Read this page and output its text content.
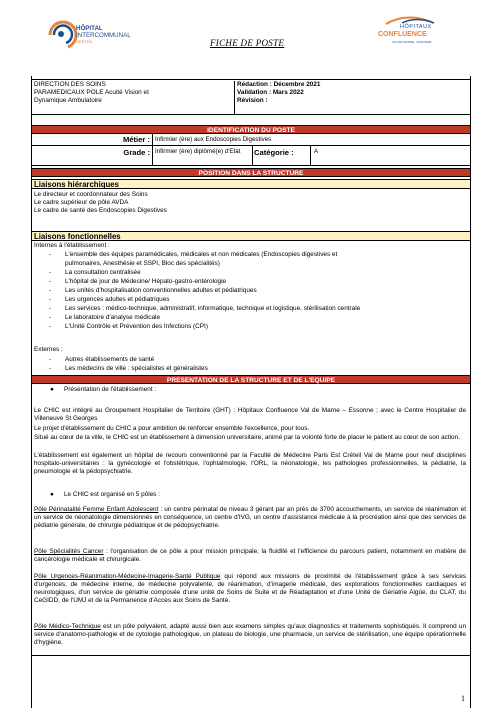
HÔPITAL
INTERCOMMUNAL
CRÉTEIL
HÔPITAUX
CONFLUENCE
VAL DE MARNE · ESSONNE
FICHE DE POSTE
DIRECTION DES SOINS
PARAMEDICAUX POLE Acuité Vision et
Dynamique Ambulatoire
Rédaction : Décembre 2021
Validation : Mars 2022
Révision :
IDENTIFICATION DU POSTE
Métier : Infirmier (ère) aux Endoscopies Digestives
Grade : Infirmier (ère) diplômé(e) d'Etat	Catégorie :	A
POSITION DANS LA STRUCTURE
Liaisons hiérarchiques
Le directeur et coordonnateur des Soins
Le cadre supérieur de pôle AVDA
Le cadre de santé des Endoscopies Digestives
Liaisons fonctionnelles
Internes à l'établissement :
- L'ensemble des équipes paramédicales, médicales et non médicales (Endoscopies digestives et
pulmonaires, Anesthésie et SSPI, Bloc des spécialités)
- La consultation centralisée
- L'hôpital de jour de Médecine/ Hépato-gastro-entérologie
- Les unités d'hospitalisation conventionnelles adultes et pédiatriques
- Les urgences adultes et pédiatriques
- Les services : médico-technique, administratif, informatique, technique et logistique, stérilisation centrale
- Le laboratoire d'analyse médicale
- L'Unité Contrôle et Prévention des Infections (CPI)
Externes :
- Autres établissements de santé
- Les médecins de ville : spécialistes et généralistes
PRESENTATION DE LA STRUCTURE ET DE L'EQUIPE
● Présentation de l'établissement :
Le CHIC est intégré au Groupement Hospitalier de Territoire (GHT) : Hôpitaux Confluence Val de Marne – Essonne ; avec le Centre Hospitalier de Villeneuve St Georges
Le projet d'établissement du CHIC a pour ambition de renforcer ensemble l'excellence, pour tous.
Situé au cœur de la ville, le CHIC est un établissement à dimension universitaire, animé par la volonté forte de placer le patient au cœur de son action.
L'établissement est également un hôpital de recours conventionné par la Faculté de Médecine Paris Est Créteil Val de Marne pour neuf disciplines hospitalo-universitaires : la gynécologie et l'obstétrique, l'ophtalmologie, l'ORL, la néonatologie, les pathologies professionnelles, la pédiatrie, la pneumologie et la pédopsychiatrie.
● Le CHIC est organisé en 5 pôles :
Pôle Périnatalité Femme Enfant Adolescent : un centre périnatal de niveau 3 gérant par an près de 3700 accouchements, un service de réanimation et un service de néonatologie dimensionnés en conséquence, un centre d'IVG, un centre d'assistance médicale à la procréation ainsi que des services de pédiatrie générale, de chirurgie pédiatrique et de pédopsychiatrie.
Pôle Spécialités Cancer : l'organisation de ce pôle a pour mission principale, la fluidité et l'efficience du parcours patient, notamment en matière de cancérologie médicale et chirurgicale.
Pôle Urgences-Réanimation-Médecine-Imagerie-Santé Publique qui répond aux missions de proximité de l'établissement grâce à ses services d'urgences, de médecine interne, de médecine polyvalente, de réanimation, d'imagerie médicale, des explorations fonctionnelles cardiaques et neurologiques, d'un service de gériatrie composée d'une unité de Soins de Suite et de Réadaptation et d'une Unité de Gériatrie Aigüe, du CLAT, du CeGIDD, de l'UMJ et de la Permanence d'Accès aux Soins de Santé.
Pôle Médico-Technique est un pôle polyvalent, adapté aussi bien aux examens simples qu'aux diagnostics et traitements sophistiqués. Il comprend un service d'anatomo-pathologie et de cytologie pathologique, un plateau de biologie, une pharmacie, un service de stérilisation, une équipe opérationnelle d'hygiène.
1
